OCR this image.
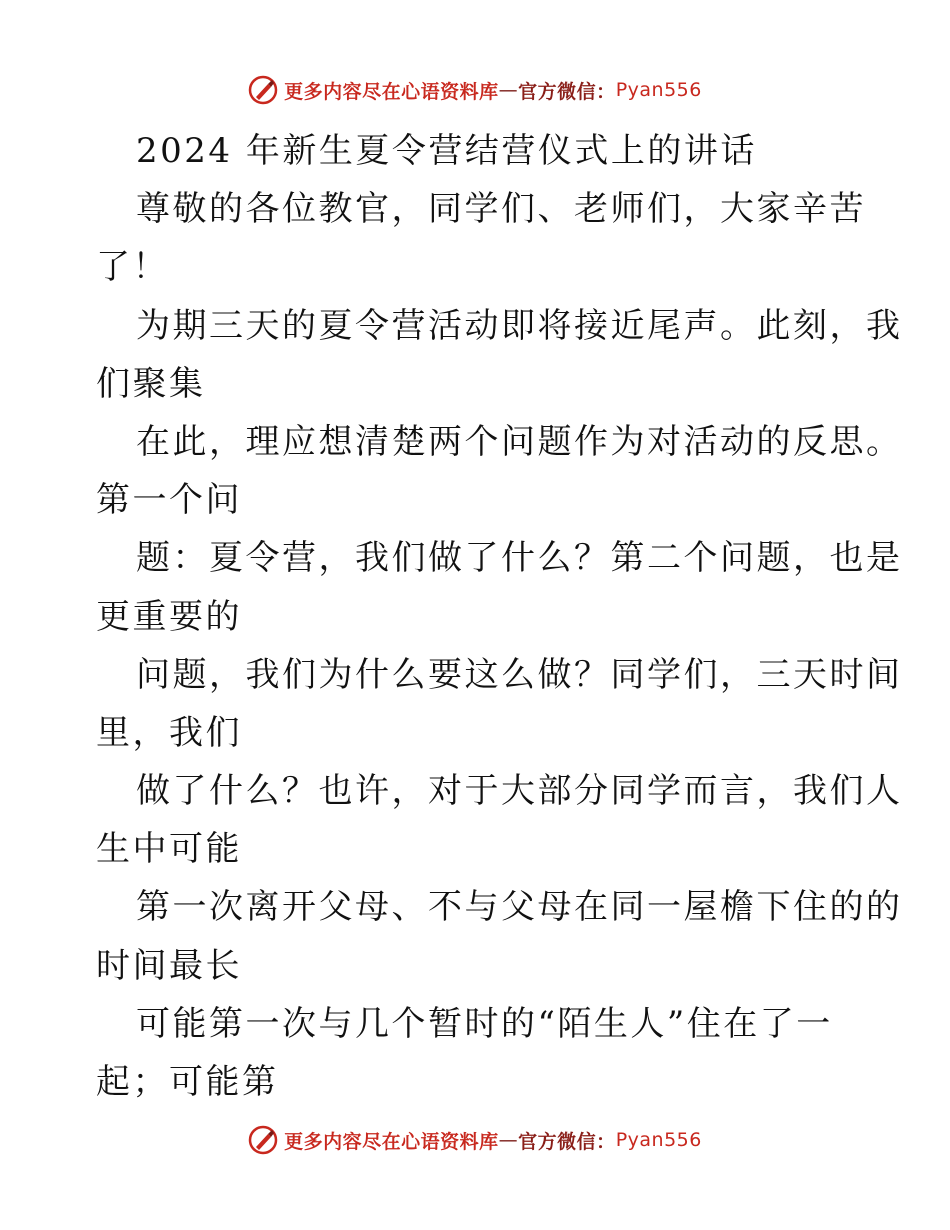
更多内容尽在心语资料库 — 官方微信： Pyan556
2024 年新生夏令营结营仪式上的讲话
尊敬的各位教官，同学们、老师们，大家辛苦
了！
为期三天的夏令营活动即将接近尾声。此刻，我
们聚集
在此，理应想清楚两个问题作为对活动的反思。
第一个问
题：夏令营，我们做了什么？第二个问题，也是
更重要的
问题，我们为什么要这么做？同学们，三天时间
里，我们
做了什么？也许，对于大部分同学而言，我们人
生中可能
第一次离开父母、不与父母在同一屋檐下住的的
时间最长
可能第一次与几个暂时的“陌生人”住在了一
起；可能第
更多内容尽在心语资料库 — 官方微信： Pyan556
